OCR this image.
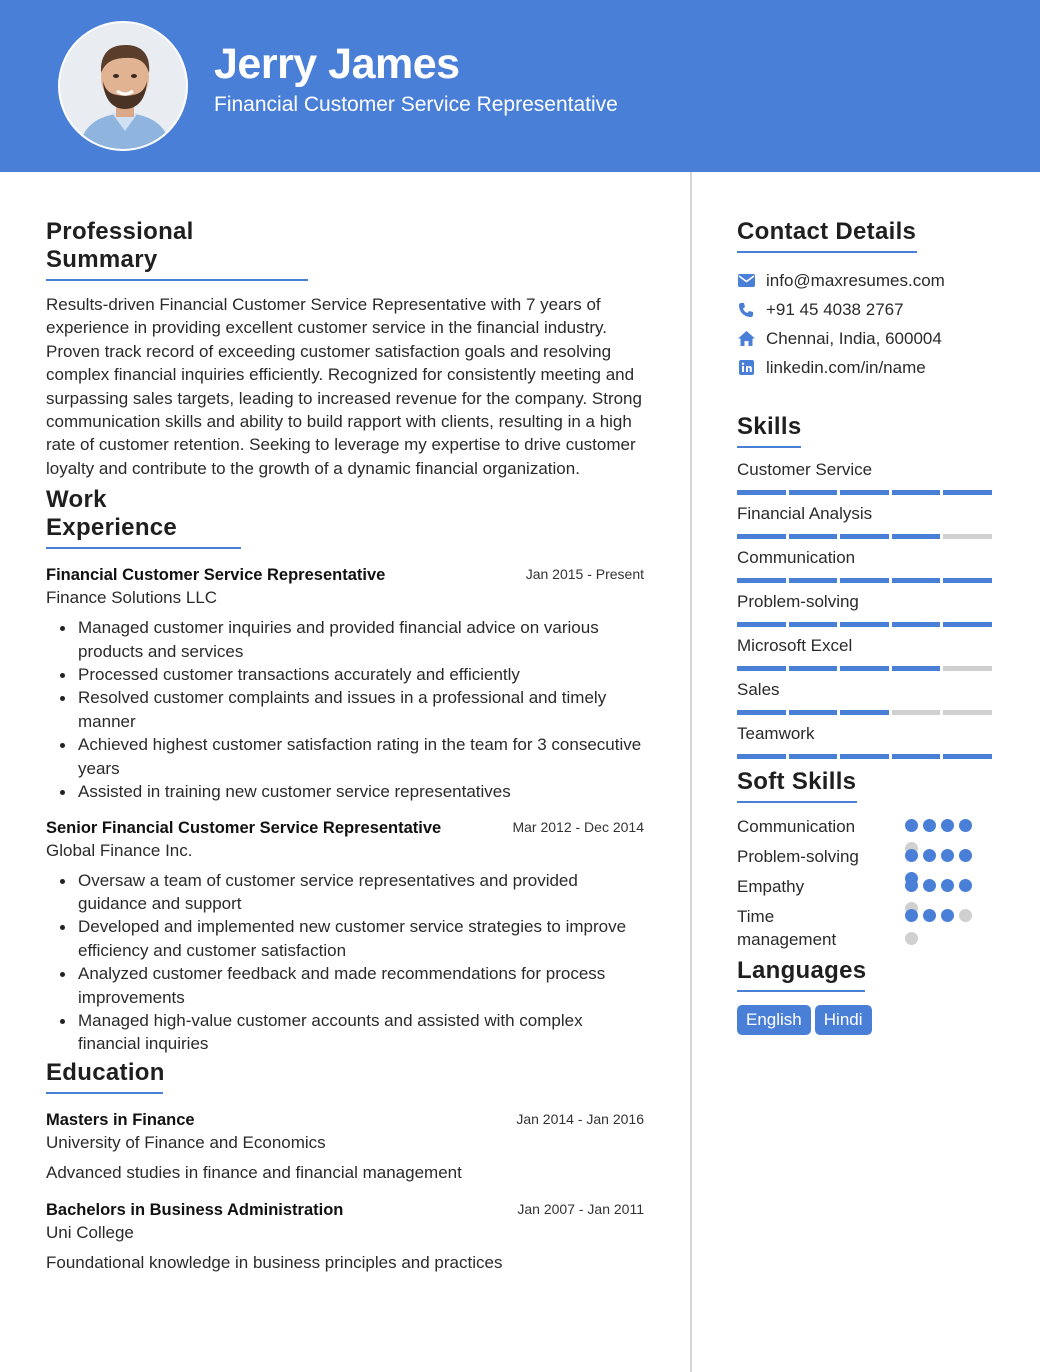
Jerry James
Financial Customer Service Representative
Professional Summary
Results-driven Financial Customer Service Representative with 7 years of experience in providing excellent customer service in the financial industry. Proven track record of exceeding customer satisfaction goals and resolving complex financial inquiries efficiently. Recognized for consistently meeting and surpassing sales targets, leading to increased revenue for the company. Strong communication skills and ability to build rapport with clients, resulting in a high rate of customer retention. Seeking to leverage my expertise to drive customer loyalty and contribute to the growth of a dynamic financial organization.
Work Experience
Financial Customer Service Representative	Jan 2015 - Present
Finance Solutions LLC
Managed customer inquiries and provided financial advice on various products and services
Processed customer transactions accurately and efficiently
Resolved customer complaints and issues in a professional and timely manner
Achieved highest customer satisfaction rating in the team for 3 consecutive years
Assisted in training new customer service representatives
Senior Financial Customer Service Representative	Mar 2012 - Dec 2014
Global Finance Inc.
Oversaw a team of customer service representatives and provided guidance and support
Developed and implemented new customer service strategies to improve efficiency and customer satisfaction
Analyzed customer feedback and made recommendations for process improvements
Managed high-value customer accounts and assisted with complex financial inquiries
Education
Masters in Finance	Jan 2014 - Jan 2016
University of Finance and Economics
Advanced studies in finance and financial management
Bachelors in Business Administration	Jan 2007 - Jan 2011
Uni College
Foundational knowledge in business principles and practices
Contact Details
info@maxresumes.com
+91 45 4038 2767
Chennai, India, 600004
linkedin.com/in/name
Skills
Customer Service
Financial Analysis
Communication
Problem-solving
Microsoft Excel
Sales
Teamwork
Soft Skills
Communication
Problem-solving
Empathy
Time management
Languages
English Hindi
